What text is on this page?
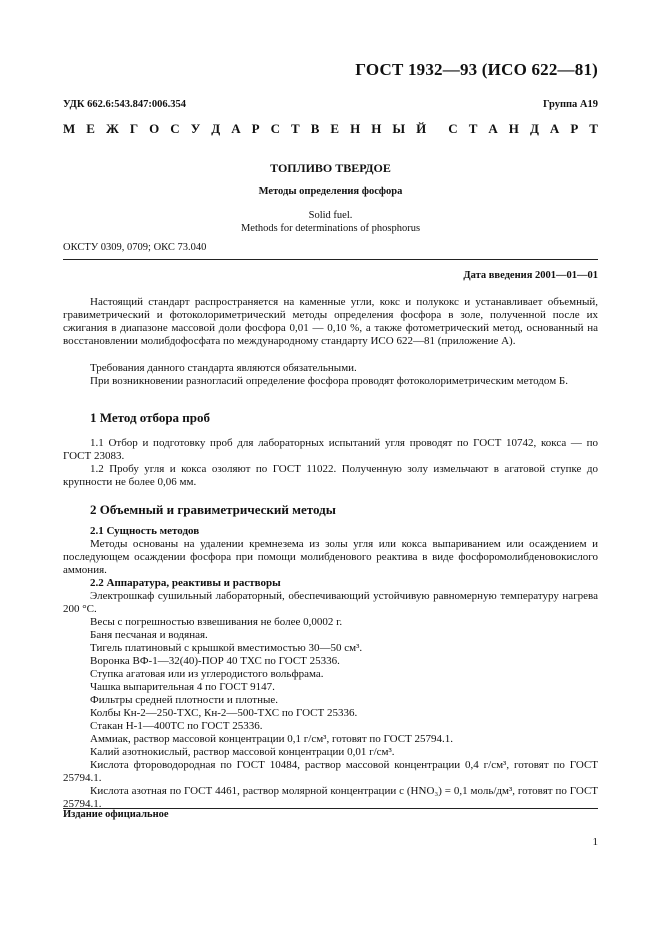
ГОСТ 1932—93 (ИСО 622—81)
УДК 662.6:543.847:006.354	Группа А19
М Е Ж Г О С У Д А Р С Т В Е Н Н Ы Й С Т А Н Д А Р Т
ТОПЛИВО ТВЕРДОЕ
Методы определения фосфора
Solid fuel.
Methods for determinations of phosphorus
ОКСТУ 0309, 0709; ОКС 73.040
Дата введения 2001—01—01

Настоящий стандарт распространяется на каменные угли, кокс и полукокс и устанавливает объемный, гравиметрический и фотоколориметрический методы определения фосфора в золе, полученной после их сжигания в диапазоне массовой доли фосфора 0,01 — 0,10 %, а также фотометрический метод, основанный на восстановлении молибдофосфата по международному стандарту ИСО 622—81 (приложение А).

Требования данного стандарта являются обязательными.

При возникновении разногласий определение фосфора проводят фотоколориметрическим методом Б.

1 Метод отбора проб

1.1 Отбор и подготовку проб для лабораторных испытаний угля проводят по ГОСТ 10742, кокса — по ГОСТ 23083.

1.2 Пробу угля и кокса озоляют по ГОСТ 11022. Полученную золу измельчают в агатовой ступке до крупности не более 0,06 мм.

2 Объемный и гравиметрический методы
2.1 Сущность методов

Методы основаны на удалении кремнезема из золы угля или кокса выпариванием или осаждением и последующем осаждении фосфора при помощи молибденового реактива в виде фосфоромолибденовокислого аммония.

2.2 Аппаратура, реактивы и растворы

Электрошкаф сушильный лабораторный, обеспечивающий устойчивую равномерную температуру нагрева 200 °С.

Весы с погрешностью взвешивания не более 0,0002 г.

Баня песчаная и водяная.

Тигель платиновый с крышкой вместимостью 30—50 см³.

Воронка ВФ-1—32(40)-ПОР 40 ТХС по ГОСТ 25336.

Ступка агатовая или из углеродистого вольфрама.

Чашка выпарительная 4 по ГОСТ 9147.

Фильтры средней плотности и плотные.

Колбы Кн-2—250-ТХС, Кн-2—500-ТХС по ГОСТ 25336.

Стакан Н-1—400ТС по ГОСТ 25336.

Аммиак, раствор массовой концентрации 0,1 г/см³, готовят по ГОСТ 25794.1.

Калий азотнокислый, раствор массовой концентрации 0,01 г/см³.

Кислота фтороводородная по ГОСТ 10484, раствор массовой концентрации 0,4 г/см³, готовят по ГОСТ 25794.1.

Кислота азотная по ГОСТ 4461, раствор молярной концентрации c (HNO₃) = 0,1 моль/дм³, готовят по ГОСТ 25794.1.

Издание официальное
1
